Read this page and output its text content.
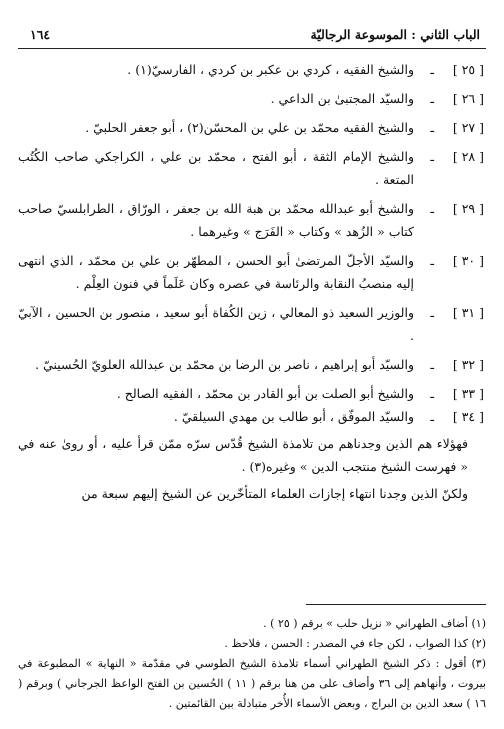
الباب الثاني : الموسوعة الرجاليّة
١٦٤
[ ٢٥ ]
ـ
والشيخ الفقيه ، كردي بن عكبر بن كردي ، الفارسيّ(١) .
[ ٢٦ ]
ـ
والسيّد المجتبىٰ بن الداعي .
[ ٢٧ ]
ـ
والشيخ الفقيه محمّد بن علي بن المحسّن(٢) ، أبو جعفر الحلبيّ .
[ ٢٨ ]
ـ
والشيخ الإمام الثقة ، أبو الفتح ، محمّد بن علي ، الكراجكي صاحب الكُتُب المتعة .
[ ٢٩ ]
ـ
والشيخ أبو عبدالله محمّد بن هبة الله بن جعفر ، الورّاق ، الطرابلسيّ صاحب كتاب « الزُهد » وكتاب « الفَرَج » وغيرهما .
[ ٣٠ ]
ـ
والسيّد الأجلّ المرتضىٰ أبو الحسن ، المطهّر بن علي بن محمّد ، الذي انتهى إليه منصبُ النقابة والرئاسة في عصره وكان عَلَماً في فنون العِلْم .
[ ٣١ ]
ـ
والوزير السعيد ذو المعالي ، زين الكُفاة أبو سعيد ، منصور بن الحسين ، الآبيّ .
[ ٣٢ ]
ـ
والسيّد أبو إبراهيم ، ناصر بن الرضا بن محمّد بن عبدالله العلويّ الحُسينيّ .
[ ٣٣ ]
ـ
والشيخ أبو الصلت بن أبو القادر بن محمّد ، الفقيه الصالح .
[ ٣٤ ]
ـ
والسيّد الموفّق ، أبو طالب بن مهدي السيلقيّ .
فهؤلاء هم الذين وجدناهم من تلامذة الشيخ قُدّس سرّه ممّن قرأ عليه ، أو روىٰ عنه في « فهرست الشيخ منتجب الدين » وغيره(٣) .
ولكنّ الذين وجدنا انتهاء إجازات العلماء المتأخّرين عن الشيخ إليهم سبعة من
(١) أضاف الطهراني « نزيل حلب » برقم ( ٢٥ ) .
(٢) كذا الصواب ، لكن جاء في المصدر : الحسن ، فلاحظ .
(٣) أقول : ذكر الشيخ الطهراني أسماء تلامذة الشيخ الطوسي في مقدّمة « النهاية » المطبوعة في بيروت ، وأنهاهم إلى ٣٦ وأضاف على من هنا برقم ( ١١ ) الحُسين بن الفتح الواعظ الجرجاني ) وبرقم ( ١٦ ) سعد الدين بن البراج ، وبعض الأسماء الأُخر متبادلة بين القائمتين .
